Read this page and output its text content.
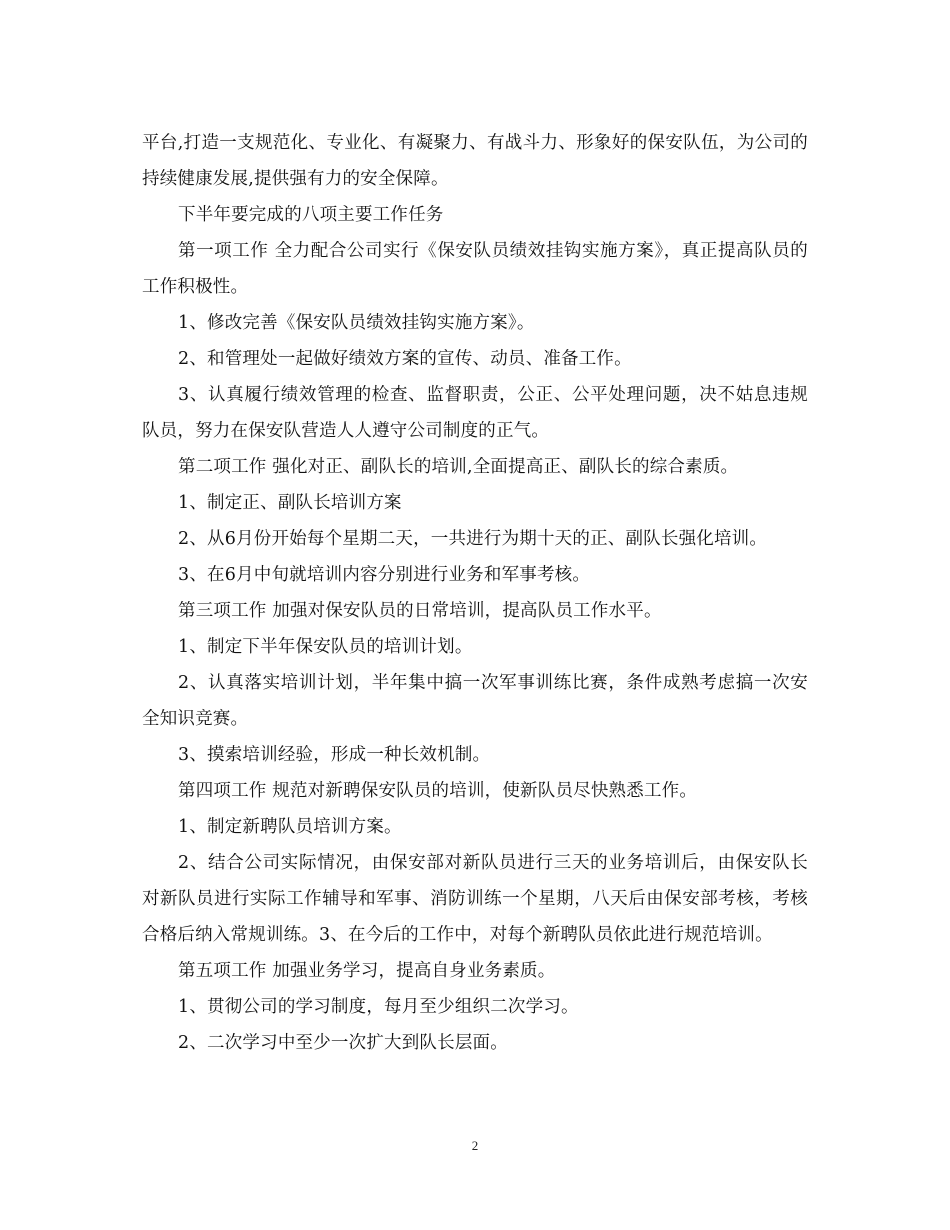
平台,打造一支规范化、专业化、有凝聚力、有战斗力、形象好的保安队伍，为公司的持续健康发展,提供强有力的安全保障。

下半年要完成的八项主要工作任务

第一项工作 全力配合公司实行《保安队员绩效挂钩实施方案》，真正提高队员的工作积极性。

1、修改完善《保安队员绩效挂钩实施方案》。

2、和管理处一起做好绩效方案的宣传、动员、准备工作。

3、认真履行绩效管理的检查、监督职责，公正、公平处理问题，决不姑息违规队员，努力在保安队营造人人遵守公司制度的正气。

第二项工作 强化对正、副队长的培训,全面提高正、副队长的综合素质。

1、制定正、副队长培训方案

2、从6月份开始每个星期二天，一共进行为期十天的正、副队长强化培训。

3、在6月中旬就培训内容分别进行业务和军事考核。

第三项工作 加强对保安队员的日常培训，提高队员工作水平。

1、制定下半年保安队员的培训计划。

2、认真落实培训计划，半年集中搞一次军事训练比赛，条件成熟考虑搞一次安全知识竞赛。

3、摸索培训经验，形成一种长效机制。

第四项工作 规范对新聘保安队员的培训，使新队员尽快熟悉工作。

1、制定新聘队员培训方案。

2、结合公司实际情况，由保安部对新队员进行三天的业务培训后，由保安队长对新队员进行实际工作辅导和军事、消防训练一个星期，八天后由保安部考核，考核合格后纳入常规训练。3、在今后的工作中，对每个新聘队员依此进行规范培训。

第五项工作 加强业务学习，提高自身业务素质。

1、贯彻公司的学习制度，每月至少组织二次学习。

2、二次学习中至少一次扩大到队长层面。

2
